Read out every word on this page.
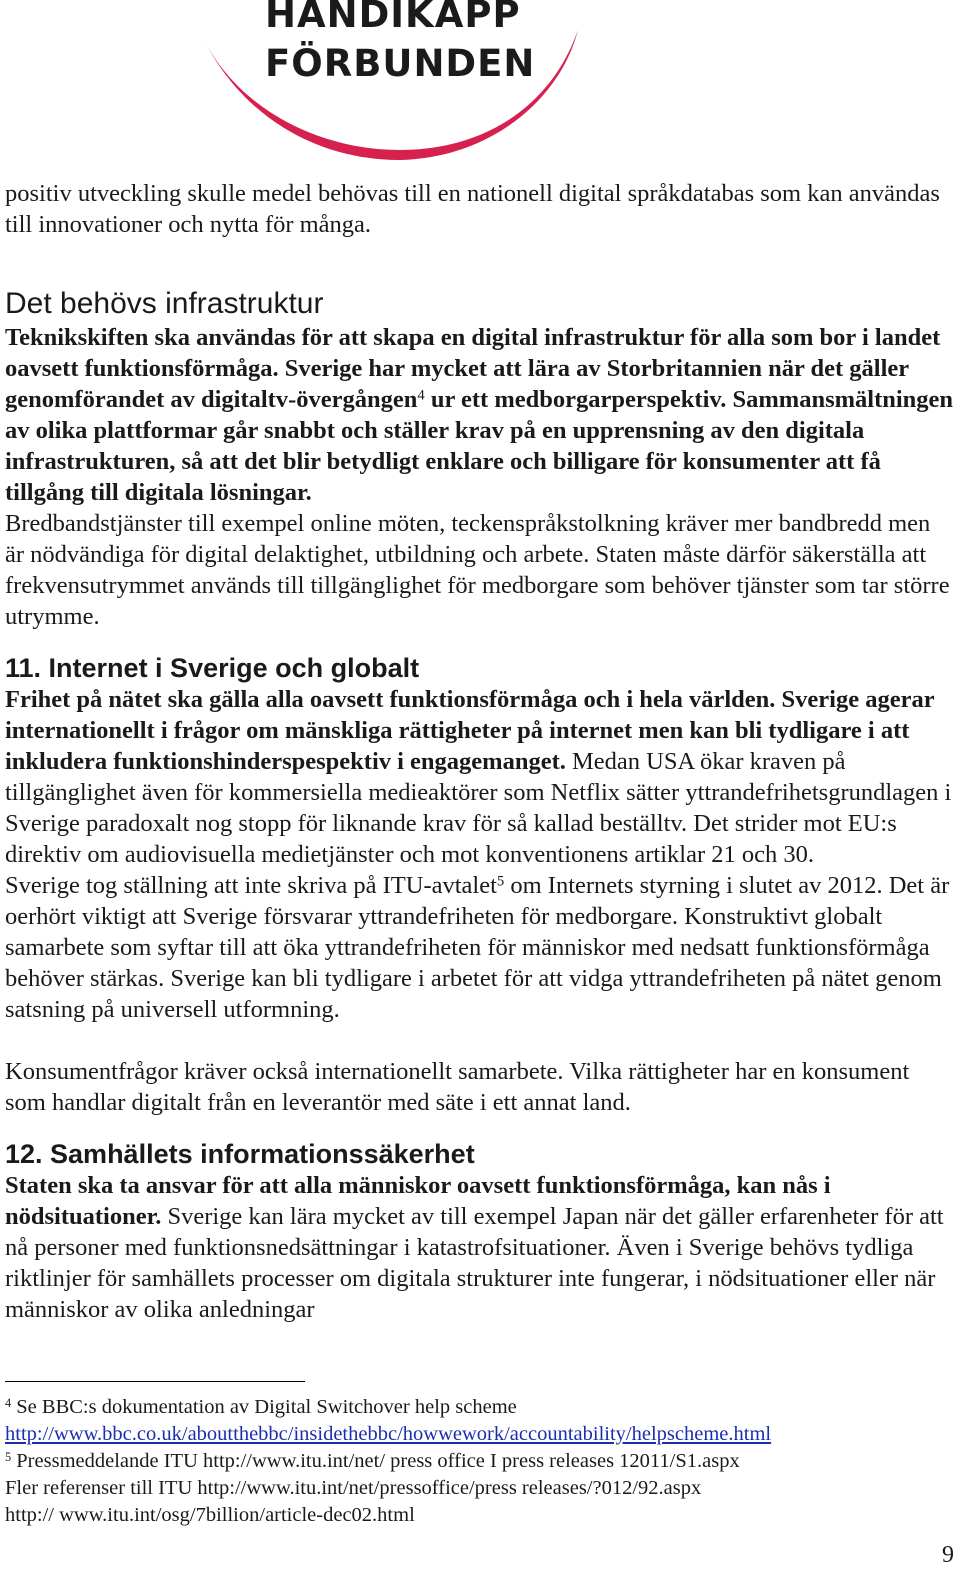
HANDIKAPP
FÖRBUNDEN

positiv utveckling skulle medel behövas till en nationell digital språkdatabas som kan användas till innovationer och nytta för många.

Det behövs infrastruktur

Teknikskiften ska användas för att skapa en digital infrastruktur för alla som bor i landet oavsett funktionsförmåga. Sverige har mycket att lära av Storbritannien när det gäller genomförandet av digitaltv-övergången$^4$ ur ett medborgarperspektiv. Sammansmältningen av olika plattformar går snabbt och ställer krav på en upprensning av den digitala infrastrukturen, så att det blir betydligt enklare och billigare för konsumenter att få tillgång till digitala lösningar.

Bredbandstjänster till exempel online möten, teckenspråkstolkning kräver mer bandbredd men är nödvändiga för digital delaktighet, utbildning och arbete. Staten måste därför säkerställa att frekvensutrymmet används till tillgänglighet för medborgare som behöver tjänster som tar större utrymme.

11. Internet i Sverige och globalt

Frihet på nätet ska gälla alla oavsett funktionsförmåga och i hela världen. Sverige agerar internationellt i frågor om mänskliga rättigheter på internet men kan bli tydligare i att inkludera funktionshinderspespektiv i engagemanget. Medan USA ökar kraven på tillgänglighet även för kommersiella medieaktörer som Netflix sätter yttrandefrihetsgrundlagen i Sverige paradoxalt nog stopp för liknande krav för så kallad beställtv. Det strider mot EU:s direktiv om audiovisuella medietjänster och mot konventionens artiklar 21 och 30.

Sverige tog ställning att inte skriva på ITU-avtalet$^5$ om Internets styrning i slutet av 2012. Det är oerhört viktigt att Sverige försvarar yttrandefriheten för medborgare. Konstruktivt globalt samarbete som syftar till att öka yttrandefriheten för människor med nedsatt funktionsförmåga behöver stärkas. Sverige kan bli tydligare i arbetet för att vidga yttrandefriheten på nätet genom satsning på universell utformning.

Konsumentfrågor kräver också internationellt samarbete. Vilka rättigheter har en konsument som handlar digitalt från en leverantör med säte i ett annat land.

12. Samhällets informationssäkerhet

Staten ska ta ansvar för att alla människor oavsett funktionsförmåga, kan nås i nödsituationer. Sverige kan lära mycket av till exempel Japan när det gäller erfarenheter för att nå personer med funktionsnedsättningar i katastrofsituationer. Även i Sverige behövs tydliga riktlinjer för samhällets processer om digitala strukturer inte fungerar, i nödsituationer eller när människor av olika anledningar

$^4$ Se BBC:s dokumentation av Digital Switchover help scheme
http://www.bbc.co.uk/aboutthebbc/insidethebbc/howwework/accountability/helpscheme.html
$^5$ Pressmeddelande ITU http://www.itu.int/net/ press office I press releases 12011/S1.aspx
Fler referenser till ITU http://www.itu.int/net/pressoffice/press releases/?012/92.aspx
http:// www.itu.int/osg/7billion/article-dec02.html
9
